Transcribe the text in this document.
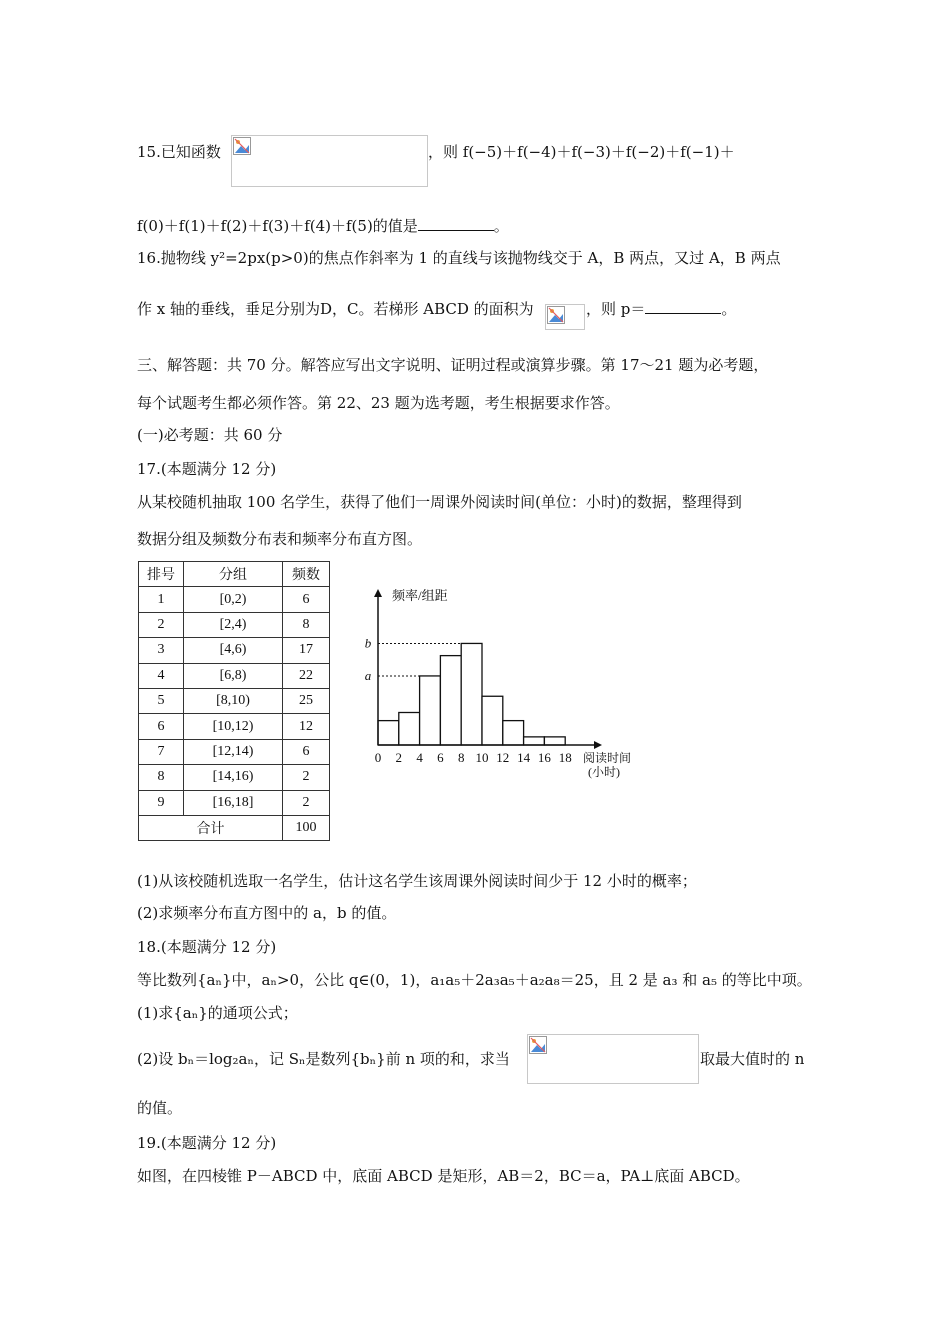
15.已知函数	，则 f(−5)＋f(−4)＋f(−3)＋f(−2)＋f(−1)＋
f(0)＋f(1)＋f(2)＋f(3)＋f(4)＋f(5)的值是	。
16.抛物线 y²=2px(p>0)的焦点作斜率为 1 的直线与该抛物线交于 A，B 两点，又过 A，B 两点
作 x 轴的垂线，垂足分别为D，C。若梯形 ABCD 的面积为	，则 p＝	。
三、解答题：共 70 分。解答应写出文字说明、证明过程或演算步骤。第 17～21 题为必考题，
每个试题考生都必须作答。第 22、23 题为选考题，考生根据要求作答。
(一)必考题：共 60 分
17.(本题满分 12 分)
从某校随机抽取 100 名学生，获得了他们一周课外阅读时间(单位：小时)的数据，整理得到
数据分组及频数分布表和频率分布直方图。
排号	分组	频数
1	[0,2)	6
2	[2,4)	8
3	[4,6)	17
4	[6,8)	22
5	[8,10)	25
6	[10,12)	12
7	[12,14)	6
8	[14,16)	2
9	[16,18]	2
合计		100
a
b
0 2 4 6 8 10 12 14 16 18
频率/组距
阅读时间
(小时)
(1)从该校随机选取一名学生，估计这名学生该周课外阅读时间少于 12 小时的概率；
(2)求频率分布直方图中的 a，b 的值。
18.(本题满分 12 分)
等比数列{aₙ}中，aₙ>0，公比 q∈(0，1)，a₁a₅＋2a₃a₅＋a₂a₈＝25，且 2 是 a₃ 和 a₅ 的等比中项。
(1)求{aₙ}的通项公式；
(2)设 bₙ＝log₂aₙ，记 Sₙ是数列{bₙ}前 n 项的和，求当	取最大值时的 n
的值。
19.(本题满分 12 分)
如图，在四棱锥 P－ABCD 中，底面 ABCD 是矩形，AB＝2，BC＝a，PA⊥底面 ABCD。
